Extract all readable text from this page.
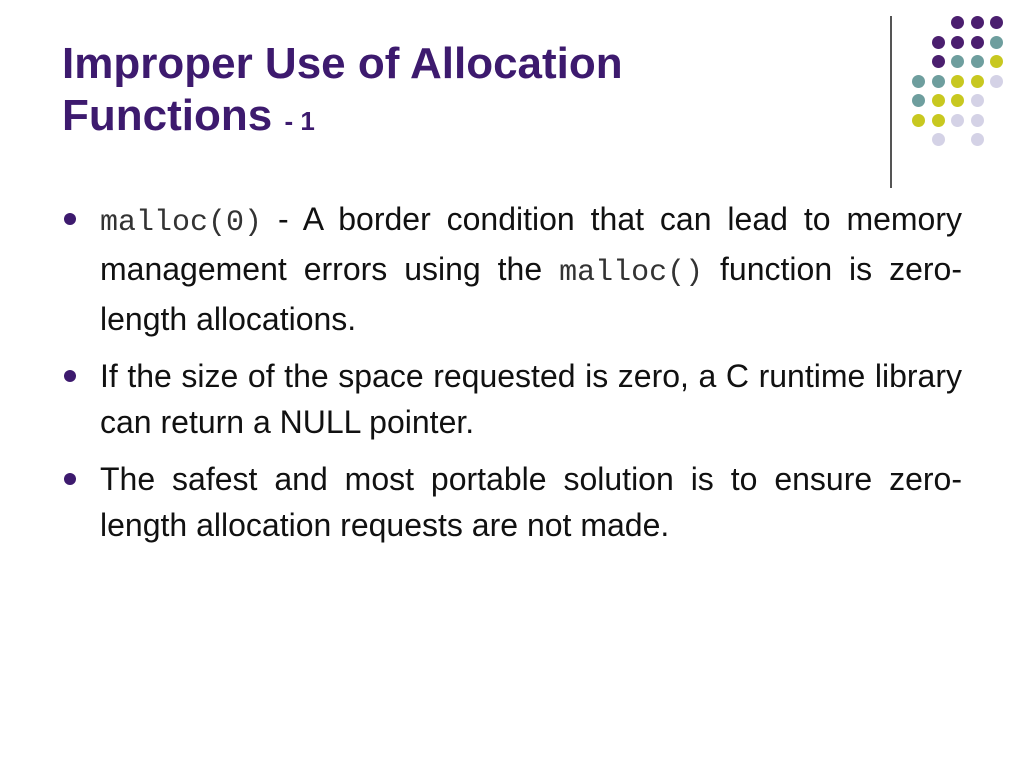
Improper Use of Allocation
Functions - 1
malloc(0) - A border condition that can lead to memory management errors using the malloc() function is zero-length allocations.
If the size of the space requested is zero, a C runtime library can return a NULL pointer.
The safest and most portable solution is to ensure zero-length allocation requests are not made.
